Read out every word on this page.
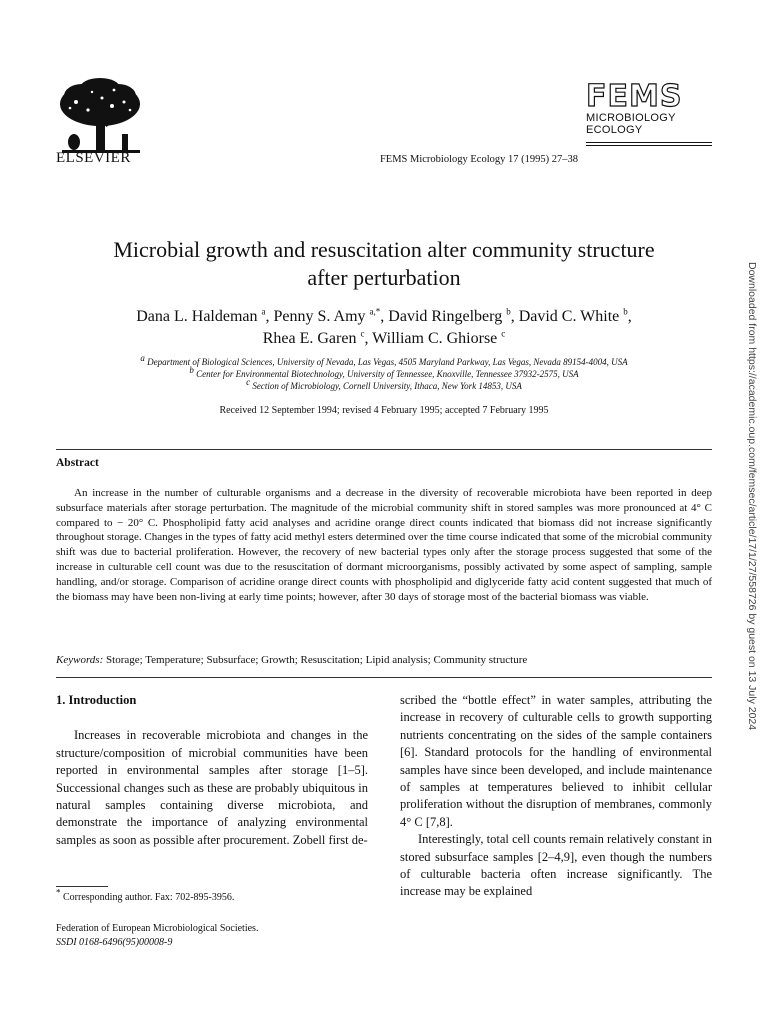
ELSEVIER	FEMS Microbiology Ecology 17 (1995) 27–38
FEMS
MICROBIOLOGY
ECOLOGY
Microbial growth and resuscitation alter community structure
after perturbation
Dana L. Haldeman $^a$, Penny S. Amy $^{a,*}$, David Ringelberg $^b$, David C. White $^b$,
Rhea E. Garen $^c$, William C. Ghiorse $^c$
$^a$ Department of Biological Sciences, University of Nevada, Las Vegas, 4505 Maryland Parkway, Las Vegas, Nevada 89154-4004, USA
$^b$ Center for Environmental Biotechnology, University of Tennessee, Knoxville, Tennessee 37932-2575, USA
$^c$ Section of Microbiology, Cornell University, Ithaca, New York 14853, USA
Received 12 September 1994; revised 4 February 1995; accepted 7 February 1995
Abstract
An increase in the number of culturable organisms and a decrease in the diversity of recoverable microbiota have been reported in deep subsurface materials after storage perturbation. The magnitude of the microbial community shift in stored samples was more pronounced at 4° C compared to − 20° C. Phospholipid fatty acid analyses and acridine orange direct counts indicated that biomass did not increase significantly throughout storage. Changes in the types of fatty acid methyl esters determined over the time course indicated that some of the microbial community shift was due to bacterial proliferation. However, the recovery of new bacterial types only after the storage process suggested that some of the increase in culturable cell count was due to the resuscitation of dormant microorganisms, possibly activated by some aspect of sampling, sample handling, and/or storage. Comparison of acridine orange direct counts with phospholipid and diglyceride fatty acid content suggested that much of the biomass may have been non-living at early time points; however, after 30 days of storage most of the bacterial biomass was viable.
Keywords: Storage; Temperature; Subsurface; Growth; Resuscitation; Lipid analysis; Community structure
1. Introduction

Increases in recoverable microbiota and changes in the structure/composition of microbial communities have been reported in environmental samples after storage [1–5]. Successional changes such as these are probably ubiquitous in natural samples containing diverse microbiota, and demonstrate the importance of analyzing environmental samples as soon as possible after procurement. Zobell first de-

scribed the “bottle effect” in water samples, attributing the increase in recovery of culturable cells to growth supporting nutrients concentrating on the sides of the sample containers [6]. Standard protocols for the handling of environmental samples have since been developed, and include maintenance of samples at temperatures believed to inhibit cellular proliferation without the disruption of membranes, commonly 4° C [7,8].

Interestingly, total cell counts remain relatively constant in stored subsurface samples [2–4,9], even though the numbers of culturable bacteria often increase significantly. The increase may be explained

* Corresponding author. Fax: 702-895-3956.
Federation of European Microbiological Societies.
SSDI 0168-6496(95)00008-9
Downloaded from https://academic.oup.com/femsec/article/17/1/27/558726 by guest on 13 July 2024
